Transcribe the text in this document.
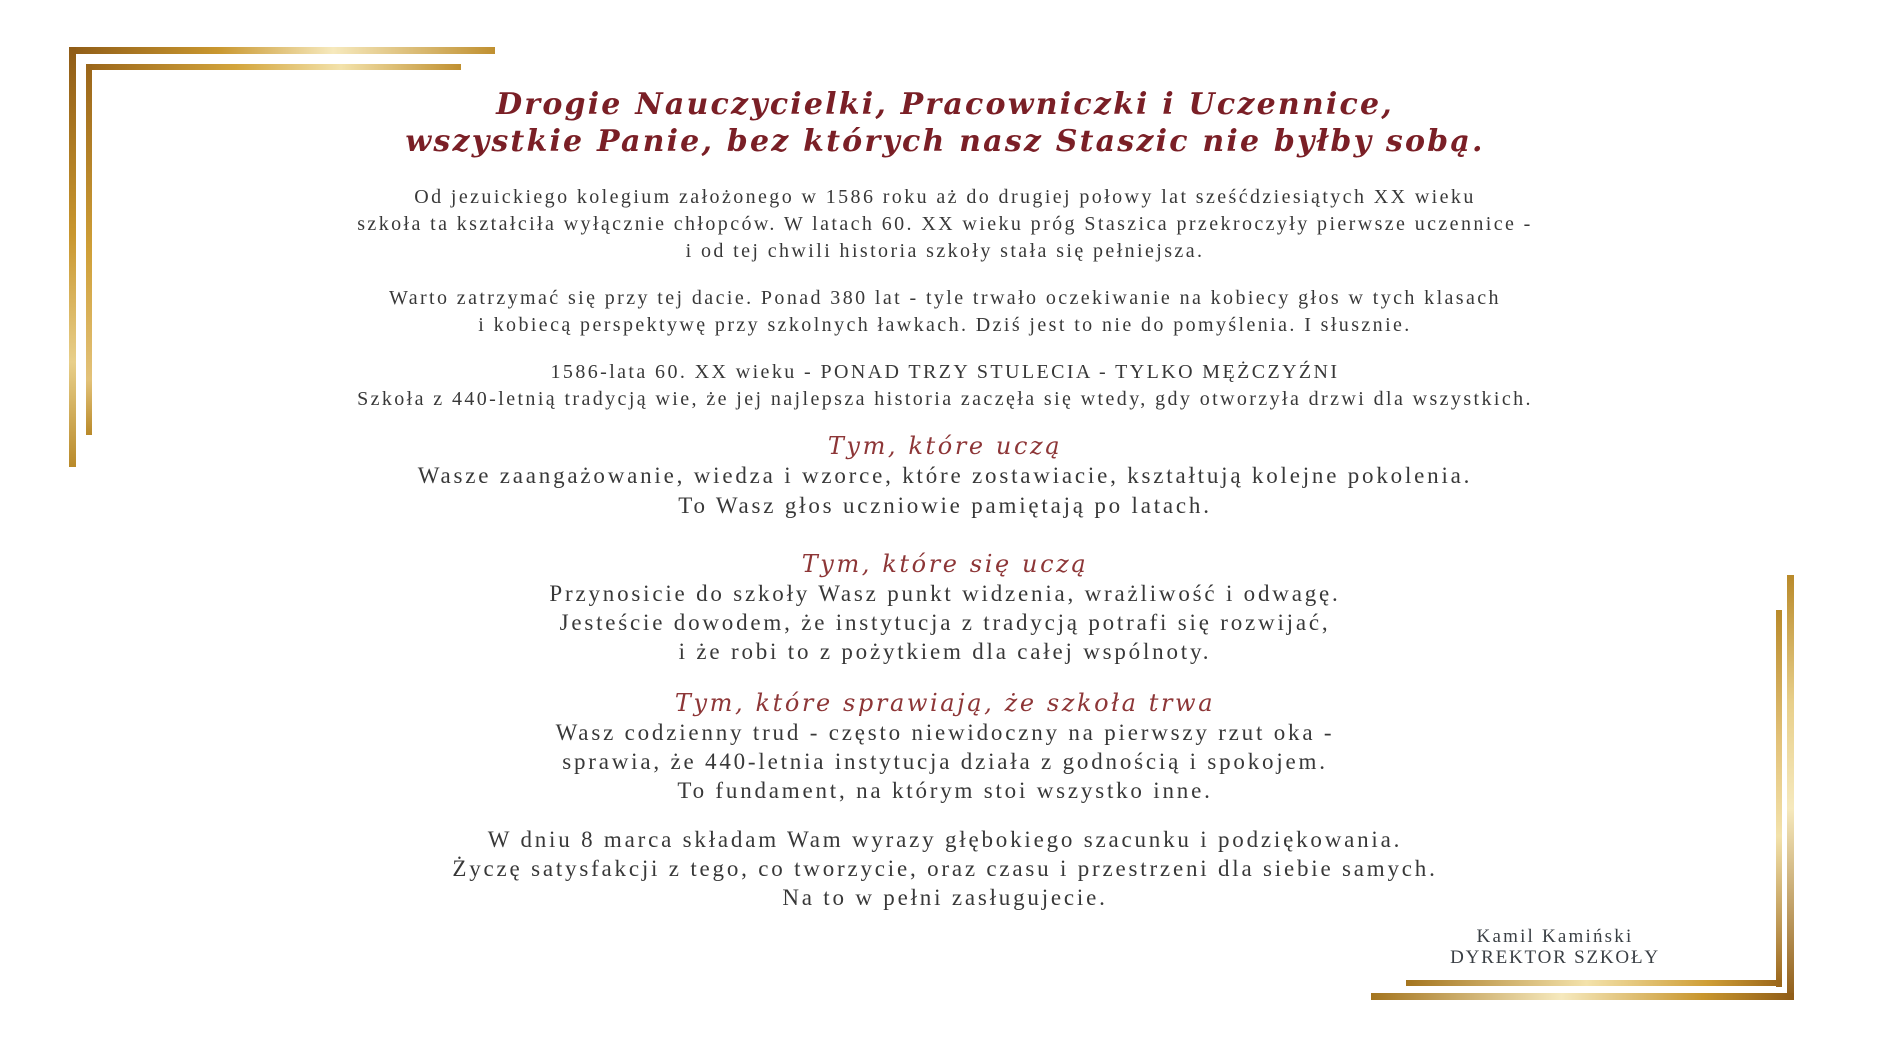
Drogie Nauczycielki, Pracowniczki i Uczennice,
wszystkie Panie, bez których nasz Staszic nie byłby sobą.
Od jezuickiego kolegium założonego w 1586 roku aż do drugiej połowy lat sześćdziesiątych XX wieku
szkoła ta kształciła wyłącznie chłopców. W latach 60. XX wieku próg Staszica przekroczyły pierwsze uczennice -
i od tej chwili historia szkoły stała się pełniejsza.
Warto zatrzymać się przy tej dacie. Ponad 380 lat - tyle trwało oczekiwanie na kobiecy głos w tych klasach
i kobiecą perspektywę przy szkolnych ławkach. Dziś jest to nie do pomyślenia. I słusznie.
1586-lata 60. XX wieku - PONAD TRZY STULECIA - TYLKO MĘŻCZYŹNI
Szkoła z 440-letnią tradycją wie, że jej najlepsza historia zaczęła się wtedy, gdy otworzyła drzwi dla wszystkich.
Tym, które uczą
Wasze zaangażowanie, wiedza i wzorce, które zostawiacie, kształtują kolejne pokolenia.
To Wasz głos uczniowie pamiętają po latach.
Tym, które się uczą
Przynosicie do szkoły Wasz punkt widzenia, wrażliwość i odwagę.
Jesteście dowodem, że instytucja z tradycją potrafi się rozwijać,
i że robi to z pożytkiem dla całej wspólnoty.
Tym, które sprawiają, że szkoła trwa
Wasz codzienny trud - często niewidoczny na pierwszy rzut oka -
sprawia, że 440-letnia instytucja działa z godnością i spokojem.
To fundament, na którym stoi wszystko inne.
W dniu 8 marca składam Wam wyrazy głębokiego szacunku i podziękowania.
Życzę satysfakcji z tego, co tworzycie, oraz czasu i przestrzeni dla siebie samych.
Na to w pełni zasługujecie.
Kamil Kamiński
DYREKTOR SZKOŁY
